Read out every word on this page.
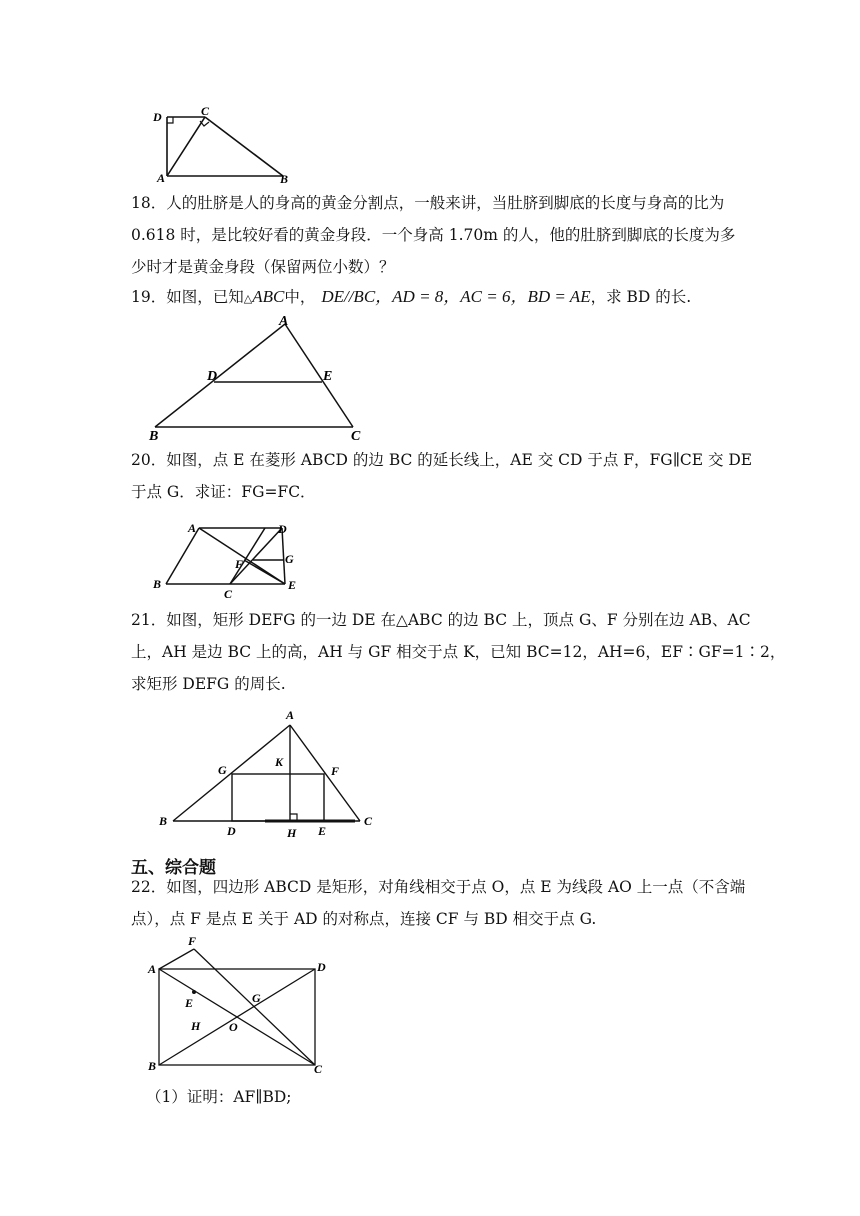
D	C
A	B
18．人的肚脐是人的身高的黄金分割点，一般来讲，当肚脐到脚底的长度与身高的比为
0.618 时，是比较好看的黄金身段．一个身高 1.70m 的人，他的肚脐到脚底的长度为多
少时才是黄金身段（保留两位小数）？
19．如图，已知△ABC中， DE//BC，AD = 8，AC = 6，BD = AE，求 BD 的长.
A
D	E
B	C
20．如图，点 E 在菱形 ABCD 的边 BC 的延长线上，AE 交 CD 于点 F，FG∥CE 交 DE
于点 G．求证：FG=FC．
A	D
G
F
B
C
E
21．如图，矩形 DEFG 的一边 DE 在△ABC 的边 BC 上，顶点 G、F 分别在边 AB、AC
上，AH 是边 BC 上的高，AH 与 GF 相交于点 K，已知 BC=12，AH=6，EF∶GF=1∶2，
求矩形 DEFG 的周长.
A
G
K
F
B
D	H E
C
五、综合题
22．如图，四边形 ABCD 是矩形，对角线相交于点 O，点 E 为线段 AO 上一点（不含端
点），点 F 是点 E 关于 AD 的对称点，连接 CF 与 BD 相交于点 G.
F
A	D
E	G
H O
B	C
（1）证明：AF∥BD;
